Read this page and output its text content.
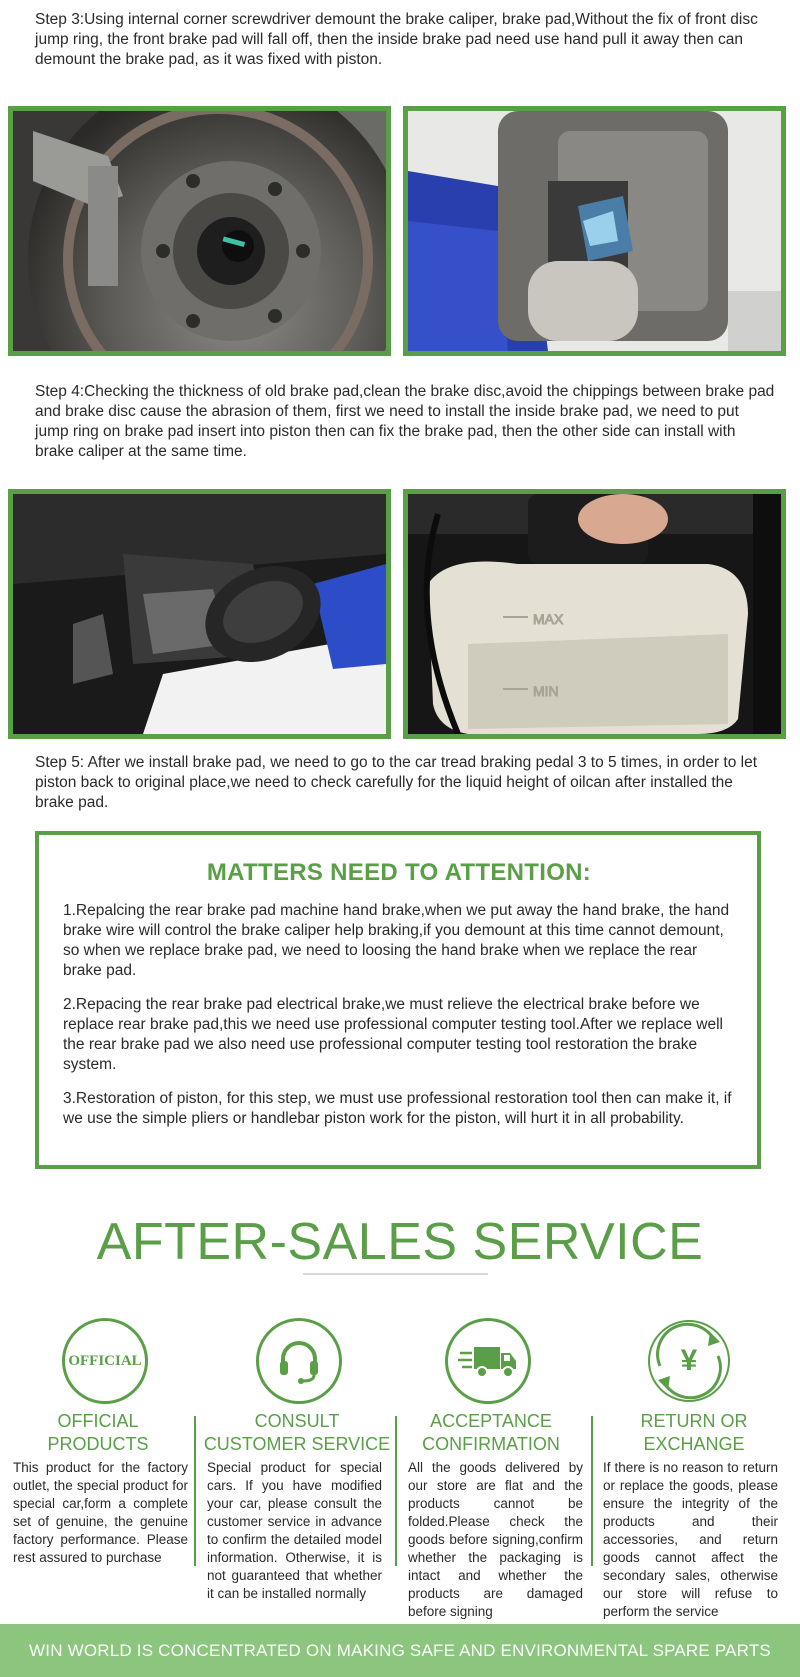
Step 3:Using internal corner screwdriver demount the brake caliper, brake pad,Without the fix of front disc jump ring, the front brake pad will fall off, then the inside brake pad need use hand pull it away then can demount the brake pad, as it was fixed with piston.

Step 4:Checking the thickness of old brake pad,clean the brake disc,avoid the chippings between brake pad and brake disc cause the abrasion of them, first we need to install the inside brake pad, we need to put jump ring on brake pad insert into piston then can fix the brake pad, then the other side can install with brake caliper at the same time.

MAX
MIN

Step 5: After we install brake pad, we need to go to the car tread braking pedal 3 to 5 times, in order to let piston back to original place,we need to check carefully for the liquid height of oilcan after installed the brake pad.

MATTERS NEED TO ATTENTION:

1.Repalcing the rear brake pad machine hand brake,when we put away the hand brake, the hand brake wire will control the brake caliper help braking,if you demount at this time cannot demount, so when we replace brake pad, we need to loosing the hand brake when we replace the rear brake pad.

2.Repacing the rear brake pad electrical brake,we must relieve the electrical brake before we replace rear brake pad,this we need use professional computer testing tool.After we replace well the rear brake pad we also need use professional computer testing tool restoration the brake system.

3.Restoration of piston, for this step, we must use professional restoration tool then can make it, if we use the simple pliers or handlebar piston work for the piston, will hurt it in all probability.

AFTER-SALES SERVICE
OFFICIAL
OFFICIAL PRODUCTS
This product for the factory outlet, the special product for special car,form a complete set of genuine, the genuine factory performance. Please rest assured to purchase
CONSULT CUSTOMER SERVICE
Special product for special cars. If you have modified your car, please consult the customer service in advance to confirm the detailed model information. Otherwise, it is not guaranteed that whether it can be installed normally
ACCEPTANCE CONFIRMATION
All the goods delivered by our store are flat and the products cannot be folded.Please check the goods before signing,confirm whether the packaging is intact and whether the products are damaged before signing
¥
RETURN OR EXCHANGE
If there is no reason to return or replace the goods, please ensure the integrity of the products and their accessories, and return goods cannot affect the secondary sales, otherwise our store will refuse to perform the service
WIN WORLD IS CONCENTRATED ON MAKING SAFE AND ENVIRONMENTAL SPARE PARTS
